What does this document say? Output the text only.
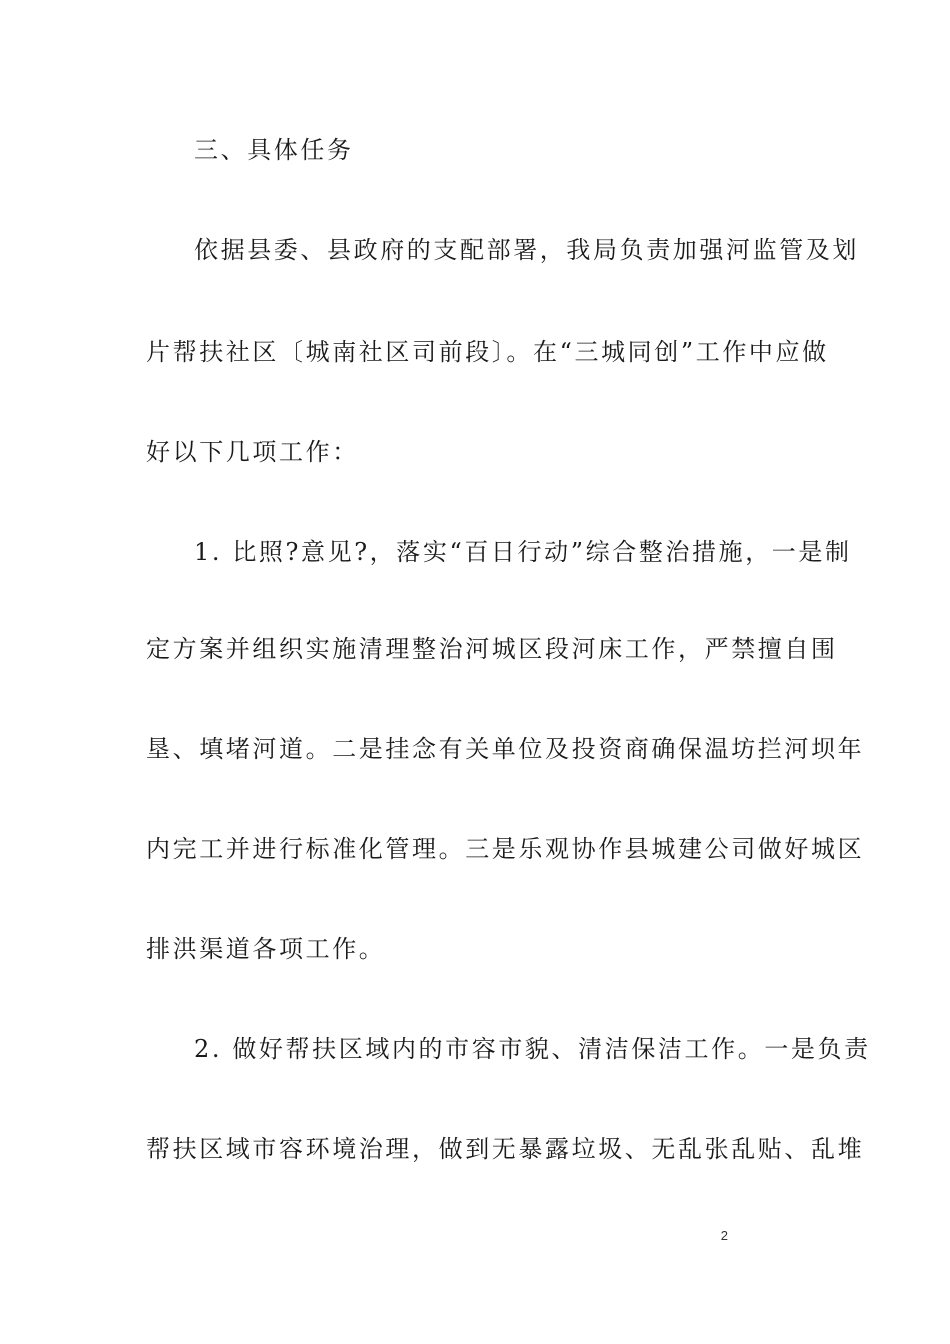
三、具体任务
依据县委、县政府的支配部署，我局负责加强河监管及划
片帮扶社区〔城南社区司前段〕。在“三城同创”工作中应做
好以下几项工作：
1. 比照?意见?，落实“百日行动”综合整治措施，一是制
定方案并组织实施清理整治河城区段河床工作，严禁擅自围
垦、填堵河道。二是挂念有关单位及投资商确保温坊拦河坝年
内完工并进行标准化管理。三是乐观协作县城建公司做好城区
排洪渠道各项工作。
2. 做好帮扶区域内的市容市貌、清洁保洁工作。一是负责
帮扶区域市容环境治理，做到无暴露垃圾、无乱张乱贴、乱堆
2
